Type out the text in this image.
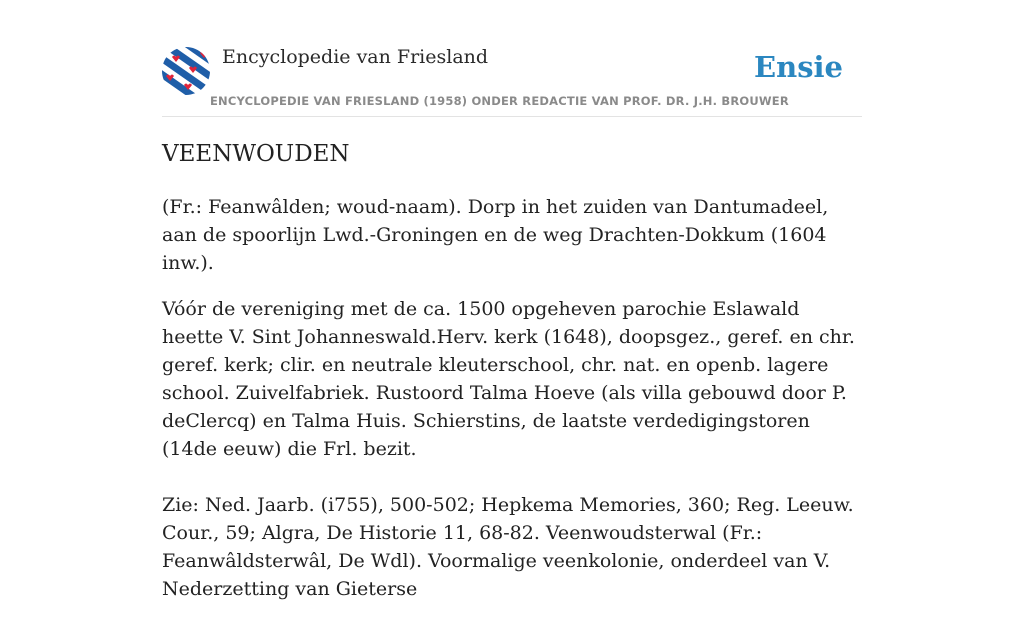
Encyclopedie van Friesland
ENCYCLOPEDIE VAN FRIESLAND (1958) ONDER REDACTIE VAN PROF. DR. J.H. BROUWER
Ensie
VEENWOUDEN

(Fr.: Feanwâlden; woud-naam). Dorp in het zuiden van Dantumadeel, aan de spoorlijn Lwd.-Groningen en de weg Drachten-Dokkum (1604 inw.).

Vóór de vereniging met de ca. 1500 opgeheven parochie Eslawald heette V. Sint Johanneswald.Herv. kerk (1648), doopsgez., geref. en chr. geref. kerk; clir. en neutrale kleuterschool, chr. nat. en openb. lagere school. Zuivelfabriek. Rustoord Talma Hoeve (als villa gebouwd door P. deClercq) en Talma Huis. Schierstins, de laatste verdedigingstoren (14de eeuw) die Frl. bezit.

Zie: Ned. Jaarb. (i755), 500-502; Hepkema Memories, 360; Reg. Leeuw. Cour., 59; Algra, De Historie 11, 68-82. Veenwoudsterwal (Fr.: Feanwâldsterwâl, De Wdl). Voormalige veenkolonie, onderdeel van V. Nederzetting van Gieterse
